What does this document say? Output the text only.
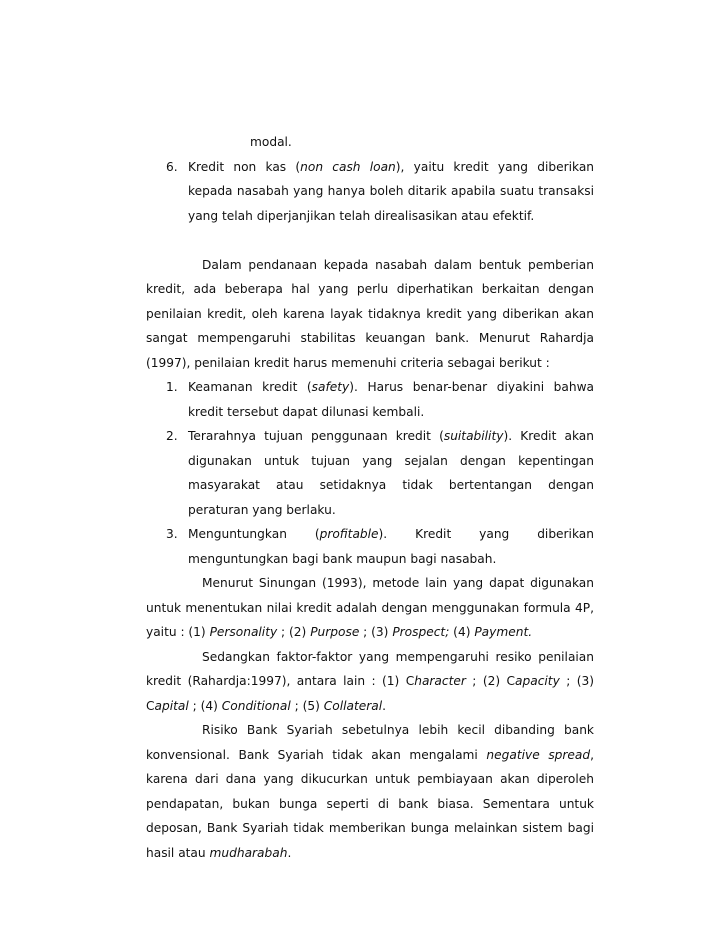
modal.

6. Kredit non kas (non cash loan), yaitu kredit yang diberikan kepada nasabah yang hanya boleh ditarik apabila suatu transaksi yang telah diperjanjikan telah direalisasikan atau efektif.

Dalam pendanaan kepada nasabah dalam bentuk pemberian kredit, ada beberapa hal yang perlu diperhatikan berkaitan dengan penilaian kredit, oleh karena layak tidaknya kredit yang diberikan akan sangat mempengaruhi stabilitas keuangan bank. Menurut Rahardja (1997), penilaian kredit harus memenuhi criteria sebagai berikut :

1. Keamanan kredit (safety). Harus benar-benar diyakini bahwa kredit tersebut dapat dilunasi kembali.
2. Terarahnya tujuan penggunaan kredit (suitability). Kredit akan digunakan untuk tujuan yang sejalan dengan kepentingan masyarakat atau setidaknya tidak bertentangan dengan peraturan yang berlaku.
3. Menguntungkan (profitable). Kredit yang diberikan menguntungkan bagi bank maupun bagi nasabah.

Menurut Sinungan (1993), metode lain yang dapat digunakan untuk menentukan nilai kredit adalah dengan menggunakan formula 4P, yaitu : (1) Personality ; (2) Purpose ; (3) Prospect; (4) Payment.

Sedangkan faktor-faktor yang mempengaruhi resiko penilaian kredit (Rahardja:1997), antara lain : (1) Character ; (2) Capacity ; (3) Capital ; (4) Conditional ; (5) Collateral.

Risiko Bank Syariah sebetulnya lebih kecil dibanding bank konvensional. Bank Syariah tidak akan mengalami negative spread, karena dari dana yang dikucurkan untuk pembiayaan akan diperoleh pendapatan, bukan bunga seperti di bank biasa. Sementara untuk deposan, Bank Syariah tidak memberikan bunga melainkan sistem bagi hasil atau mudharabah.
